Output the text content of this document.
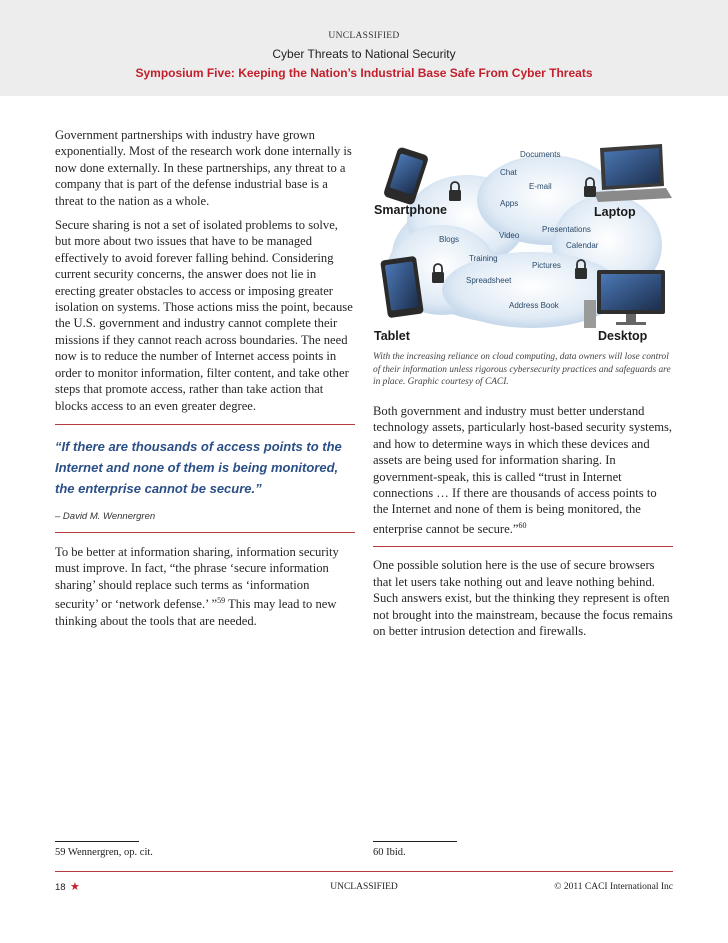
UNCLASSIFIED
Cyber Threats to National Security
Symposium Five: Keeping the Nation’s Industrial Base Safe From Cyber Threats

Government partnerships with industry have grown exponentially. Most of the research work done internally is now done externally. In these partnerships, any threat to a company that is part of the defense industrial base is a threat to the nation as a whole.

Secure sharing is not a set of isolated problems to solve, but more about two issues that have to be managed effectively to avoid forever falling behind. Considering current security concerns, the answer does not lie in erecting greater obstacles to access or imposing greater isolation on systems. Those actions miss the point, because the U.S. government and industry cannot complete their missions if they cannot reach across boundaries. The need now is to reduce the number of Internet access points in order to monitor information, filter content, and take other steps that promote access, rather than take action that blocks access to an even greater degree.

“If there are thousands of access points to the Internet and none of them is being monitored, the enterprise cannot be secure.”
– David M. Wennergren

To be better at information sharing, information security must improve. In fact, “the phrase ‘secure information sharing’ should replace such terms as ‘information security’ or ‘network defense.’ ”$^{59}$ This may lead to new thinking about the tools that are needed.

Documents
Chat
E-mail
Apps
Presentations
Video
Blogs
Calendar
Training
Pictures
Spreadsheet
Address Book
Smartphone	Laptop
Tablet	Desktop
With the increasing reliance on cloud computing, data owners will lose control of their information unless rigorous cybersecurity practices and safeguards are in place. Graphic courtesy of CACI.

Both government and industry must better understand technology assets, particularly host-based security systems, and how to determine ways in which these devices and assets are being used for information sharing. In government-speak, this is called “trust in Internet connections … If there are thousands of access points to the Internet and none of them is being monitored, the enterprise cannot be secure.”$^{60}$

One possible solution here is the use of secure browsers that let users take nothing out and leave nothing behind. Such answers exist, but the thinking they represent is often not brought into the mainstream, because the focus remains on better intrusion detection and firewalls.

59 Wennergren, op. cit.	60 Ibid.
18 ★	UNCLASSIFIED	© 2011 CACI International Inc
